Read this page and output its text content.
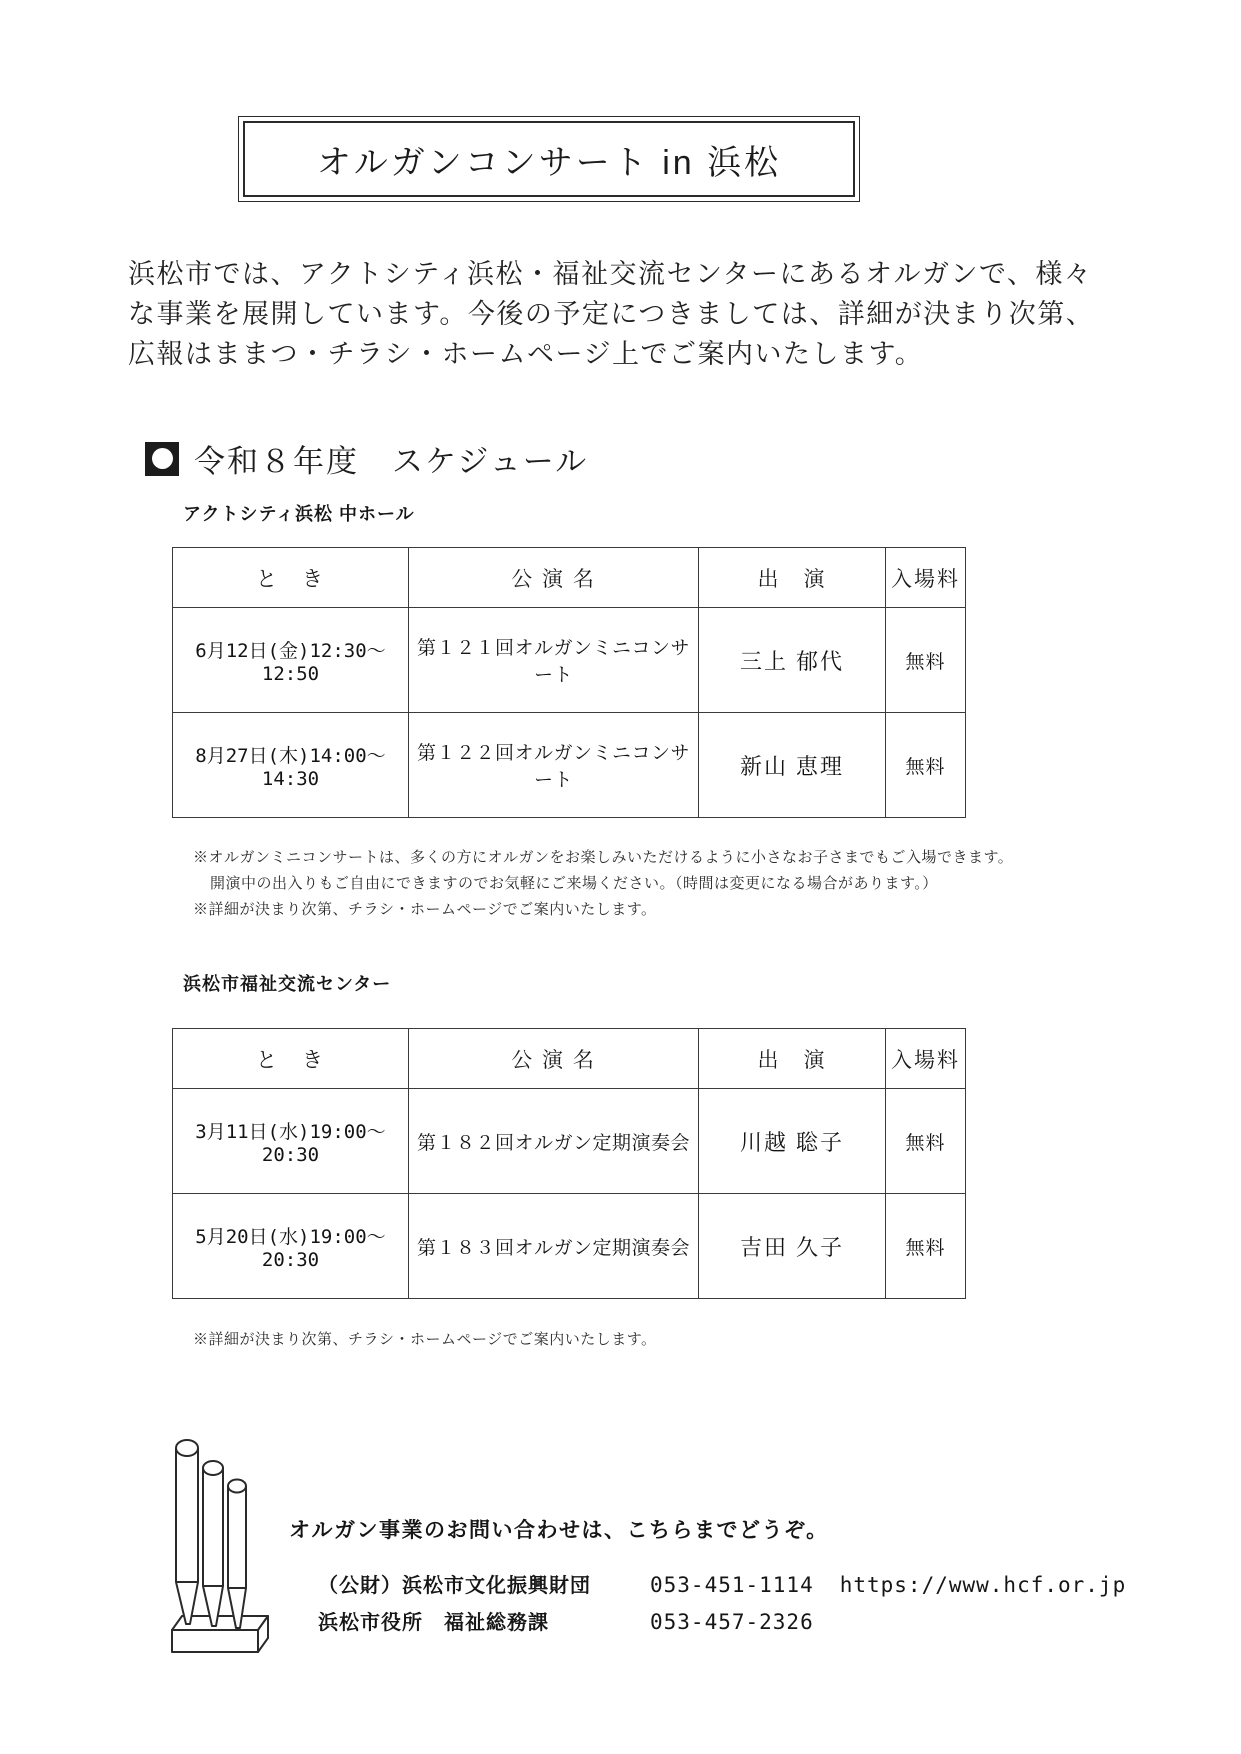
オルガンコンサート in 浜松
浜松市では、アクトシティ浜松・福祉交流センターにあるオルガンで、様々
な事業を展開しています。今後の予定につきましては、詳細が決まり次第、
広報はままつ・チラシ・ホームページ上でご案内いたします。
令和８年度　スケジュール
アクトシティ浜松 中ホール
と　き	公 演 名	出　演	入場料
6月12日(金)12:30～12:50	第１２１回オルガンミニコンサート	三上 郁代	無料
8月27日(木)14:00～14:30	第１２２回オルガンミニコンサート	新山 恵理	無料
※オルガンミニコンサートは、多くの方にオルガンをお楽しみいただけるように小さなお子さまでもご入場できます。
開演中の出入りもご自由にできますのでお気軽にご来場ください。（時間は変更になる場合があります。）
※詳細が決まり次第、チラシ・ホームページでご案内いたします。
浜松市福祉交流センター
と　き	公 演 名	出　演	入場料
3月11日(水)19:00～20:30	第１８２回オルガン定期演奏会	川越 聡子	無料
5月20日(水)19:00～20:30	第１８３回オルガン定期演奏会	吉田 久子	無料
※詳細が決まり次第、チラシ・ホームページでご案内いたします。
オルガン事業のお問い合わせは、こちらまでどうぞ。
（公財）浜松市文化振興財団	053-451-1114 https://www.hcf.or.jp
浜松市役所　福祉総務課	053-457-2326
